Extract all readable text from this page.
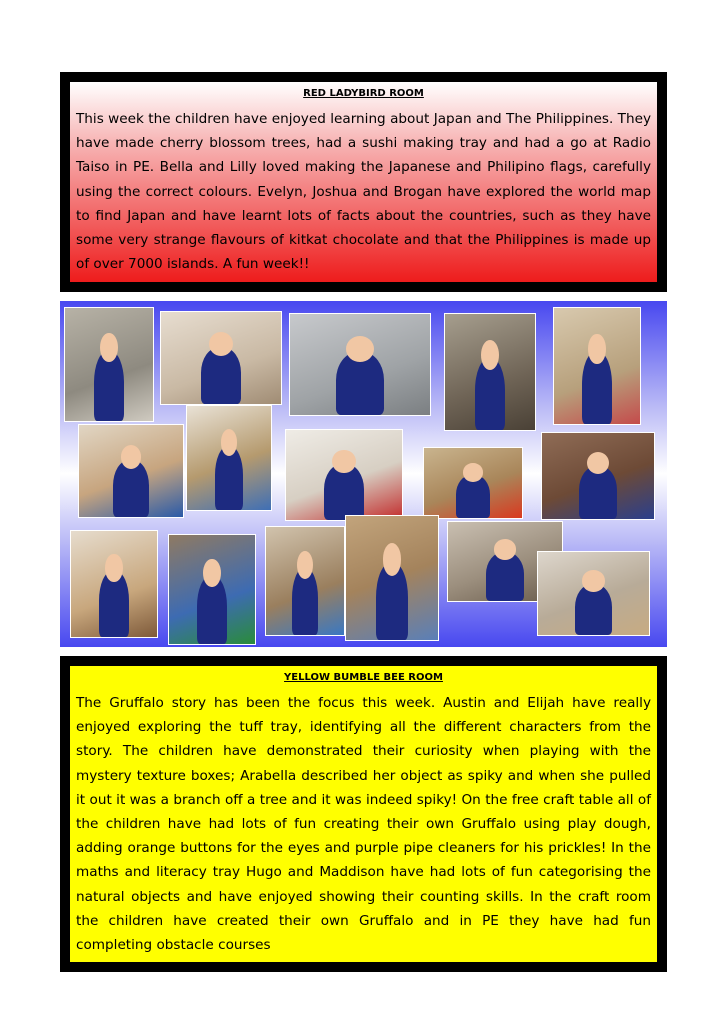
RED LADYBIRD ROOM

This week the children have enjoyed learning about Japan and The Philippines. They have made cherry blossom trees, had a sushi making tray and had a go at Radio Taiso in PE. Bella and Lilly loved making the Japanese and Philipino flags, carefully using the correct colours. Evelyn, Joshua and Brogan have explored the world map to find Japan and have learnt lots of facts about the countries, such as they have some very strange flavours of kitkat chocolate and that the Philippines is made up of over 7000 islands. A fun week!!

YELLOW BUMBLE BEE ROOM

The Gruffalo story has been the focus this week. Austin and Elijah have really enjoyed exploring the tuff tray, identifying all the different characters from the story. The children have demonstrated their curiosity when playing with the mystery texture boxes; Arabella described her object as spiky and when she pulled it out it was a branch off a tree and it was indeed spiky! On the free craft table all of the children have had lots of fun creating their own Gruffalo using play dough, adding orange buttons for the eyes and purple pipe cleaners for his prickles! In the maths and literacy tray Hugo and Maddison have had lots of fun categorising the natural objects and have enjoyed showing their counting skills. In the craft room the children have created their own Gruffalo and in PE they have had fun completing obstacle courses
